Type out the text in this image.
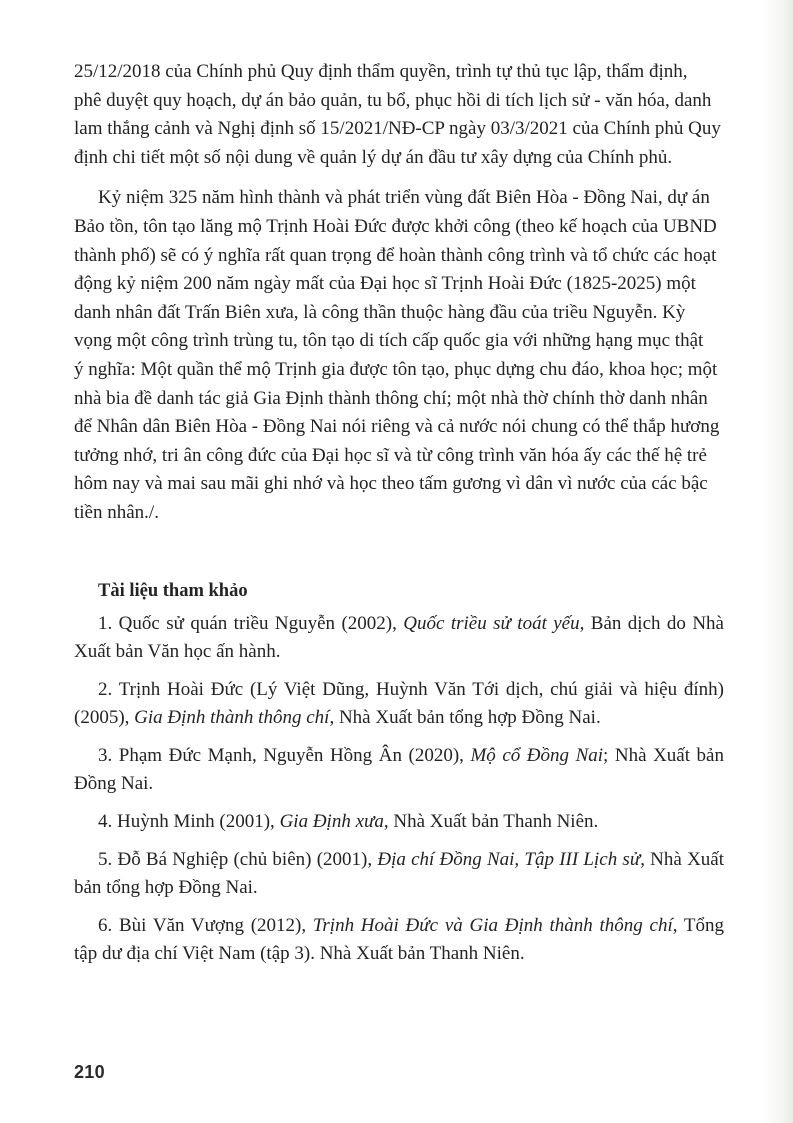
25/12/2018 của Chính phủ Quy định thẩm quyền, trình tự thủ tục lập, thẩm định,
phê duyệt quy hoạch, dự án bảo quản, tu bổ, phục hồi di tích lịch sử - văn hóa, danh
lam thắng cảnh và Nghị định số 15/2021/NĐ-CP ngày 03/3/2021 của Chính phủ Quy
định chi tiết một số nội dung về quản lý dự án đầu tư xây dựng của Chính phủ.
Kỷ niệm 325 năm hình thành và phát triển vùng đất Biên Hòa - Đồng Nai, dự án
Bảo tồn, tôn tạo lăng mộ Trịnh Hoài Đức được khởi công (theo kế hoạch của UBND
thành phố) sẽ có ý nghĩa rất quan trọng để hoàn thành công trình và tổ chức các hoạt
động kỷ niệm 200 năm ngày mất của Đại học sĩ Trịnh Hoài Đức (1825-2025) một
danh nhân đất Trấn Biên xưa, là công thần thuộc hàng đầu của triều Nguyễn. Kỳ
vọng một công trình trùng tu, tôn tạo di tích cấp quốc gia với những hạng mục thật
ý nghĩa: Một quần thể mộ Trịnh gia được tôn tạo, phục dựng chu đáo, khoa học; một
nhà bia đề danh tác giả Gia Định thành thông chí; một nhà thờ chính thờ danh nhân
để Nhân dân Biên Hòa - Đồng Nai nói riêng và cả nước nói chung có thể thắp hương
tưởng nhớ, tri ân công đức của Đại học sĩ và từ công trình văn hóa ấy các thế hệ trẻ
hôm nay và mai sau mãi ghi nhớ và học theo tấm gương vì dân vì nước của các bậc
tiền nhân./.
Tài liệu tham khảo
1. Quốc sử quán triều Nguyễn (2002), Quốc triều sử toát yếu, Bản dịch do Nhà Xuất bản Văn học ấn hành.
2. Trịnh Hoài Đức (Lý Việt Dũng, Huỳnh Văn Tới dịch, chú giải và hiệu đính) (2005), Gia Định thành thông chí, Nhà Xuất bản tổng hợp Đồng Nai.
3. Phạm Đức Mạnh, Nguyễn Hồng Ân (2020), Mộ cổ Đồng Nai; Nhà Xuất bản Đồng Nai.
4. Huỳnh Minh (2001), Gia Định xưa, Nhà Xuất bản Thanh Niên.
5. Đỗ Bá Nghiệp (chủ biên) (2001), Địa chí Đồng Nai, Tập III Lịch sử, Nhà Xuất bản tổng hợp Đồng Nai.
6. Bùi Văn Vượng (2012), Trịnh Hoài Đức và Gia Định thành thông chí, Tổng tập dư địa chí Việt Nam (tập 3). Nhà Xuất bản Thanh Niên.
210
